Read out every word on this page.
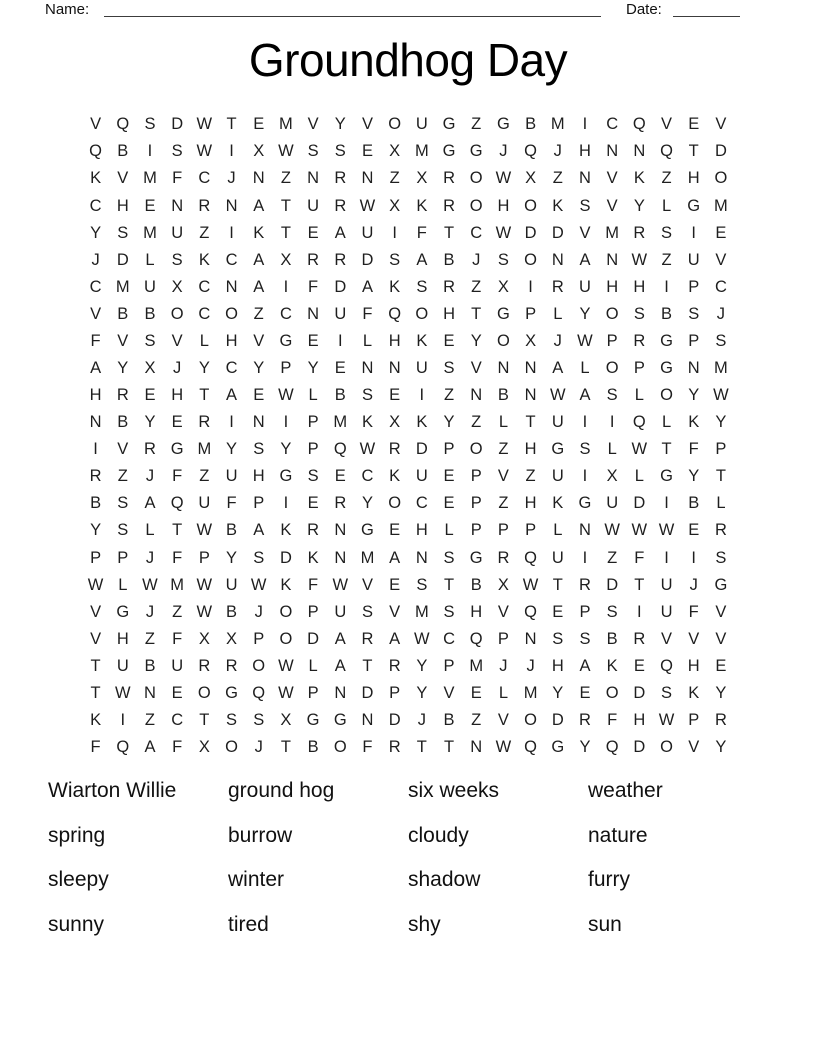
Name:	Date:
Groundhog Day
V Q S D W T	E M V Y V O U G Z G B M	I	C Q V E V
Q B	I	S W	I	X W S S E X M G G	J	Q	J	H N N Q T D
K V M F C	J	N Z N R N Z	X R O W X	Z N V K	Z H O
C H E N R N A	T U R W X K R O H O K S V Y	L G M
Y S M U Z	I	K	T	E A U	I	F	T C W D D V M R S	I	E
J	D	L	S K C A X R R D S A B	J	S O N A N W Z U V
C M U X C N A	I	F D A K S R Z	X	I	R U H H	I	P C
V B B O C O Z C N U F Q O H T G P	L	Y O S B S	J
F	V S V	L	H V G E	I	L	H K E Y O X	J W P R G P S
A Y X	J	Y C Y P Y E N N U S V N N A	L O P G N M
H R E H T	A E W L	B S E	I	Z N B N W A S	L O Y W
N B Y E R	I	N	I	P M K X K Y	Z	L	T U	I	I	Q L	K Y
I	V R G M Y S Y P Q W R D P O Z H G S	L W T	F	P
R Z	J	F	Z U H G S E C K U E P V	Z U	I	X	L G Y	T
B S A Q U F	P	I	E R Y O C E P	Z H K G U D	I	B	L
Y S	L	T W B A K R N G E H	L	P P P	L	N W W W E R
P P	J	F	P Y S D K N M A N S G R Q U	I	Z	F	I	I	S
W L W M W U W K	F W V E S	T	B X W T R D T U	J	G
V G	J	Z W B	J	O P U S V M S H V Q E P S	I	U F	V
V H Z	F	X X P O D A R A W C Q P N S S B R V V V
T U B U R R O W L	A	T R Y P M J	J	H A K E Q H E
T W N E O G Q W P N D P Y V E	L M Y E O D S K Y
K	I	Z C T	S S X G G N D	J	B	Z	V O D R F H W P R
F Q A	F	X O	J	T	B O F R T	T N W Q G Y Q D O V Y
Wiarton Willie	ground hog	six weeks	weather
spring	burrow	cloudy	nature
sleepy	winter	shadow	furry
sunny	tired	shy	sun
